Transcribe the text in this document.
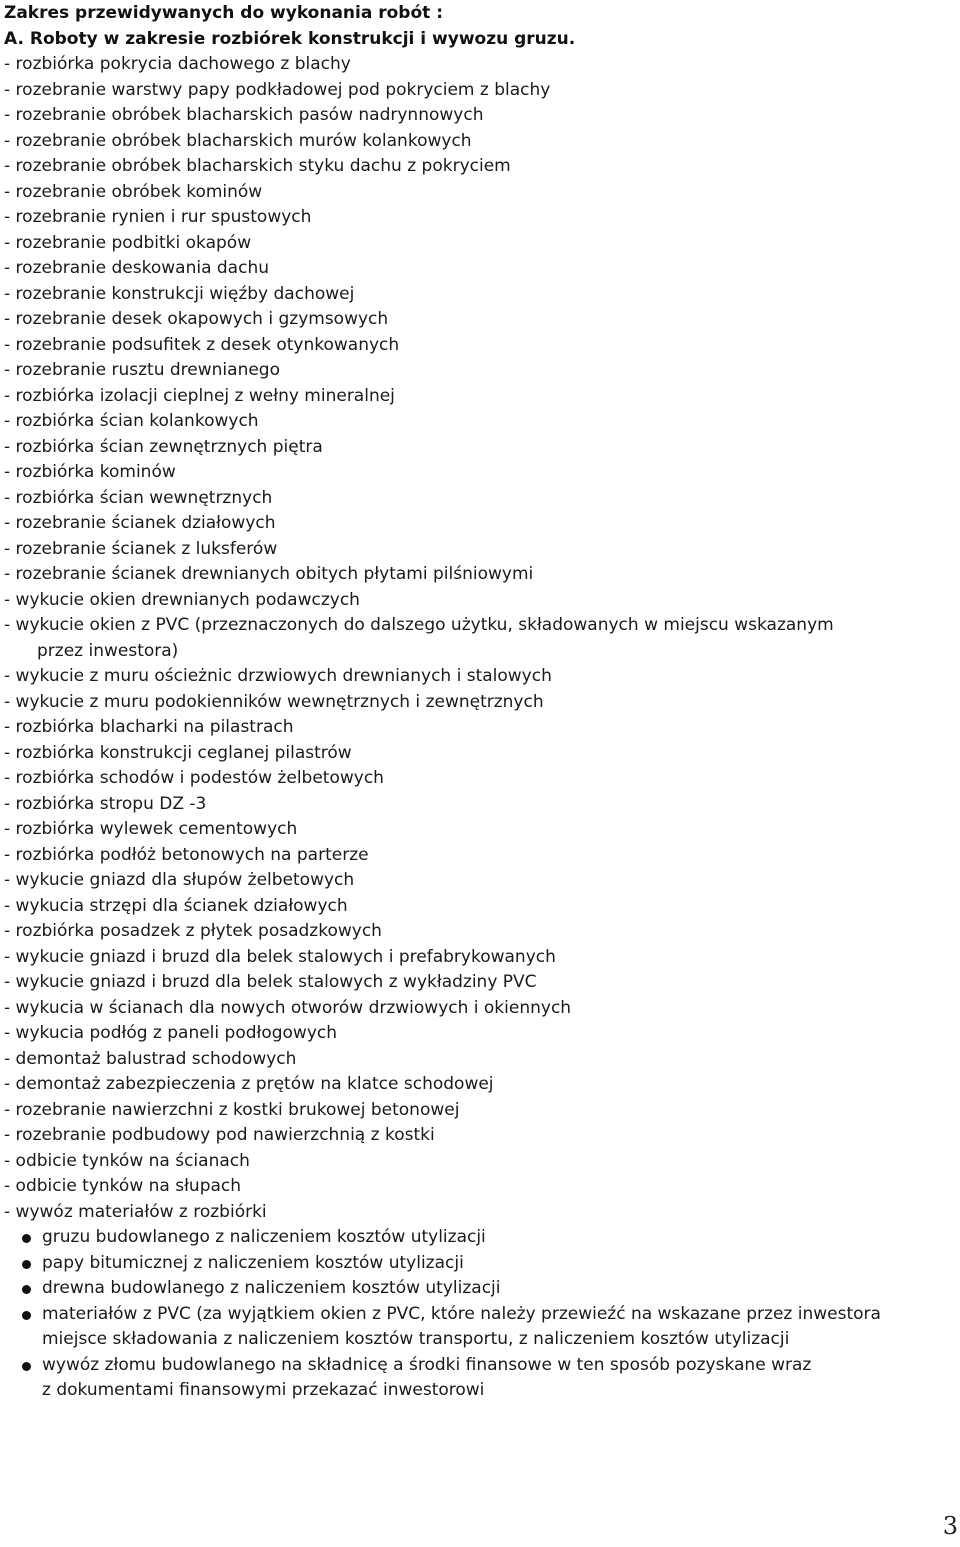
Zakres przewidywanych do wykonania robót :
A. Roboty w zakresie rozbiórek konstrukcji i wywozu gruzu.
- rozbiórka pokrycia dachowego z blachy
- rozebranie warstwy papy podkładowej pod pokryciem z blachy
- rozebranie obróbek blacharskich pasów nadrynnowych
- rozebranie obróbek blacharskich murów kolankowych
- rozebranie obróbek blacharskich styku dachu z pokryciem
- rozebranie obróbek kominów
- rozebranie rynien i rur spustowych
- rozebranie podbitki okapów
- rozebranie deskowania dachu
- rozebranie konstrukcji więźby dachowej
- rozebranie desek okapowych i gzymsowych
- rozebranie podsufitek z desek otynkowanych
- rozebranie rusztu drewnianego
- rozbiórka izolacji cieplnej z wełny mineralnej
- rozbiórka ścian kolankowych
- rozbiórka ścian zewnętrznych piętra
- rozbiórka kominów
- rozbiórka ścian wewnętrznych
- rozebranie ścianek działowych
- rozebranie ścianek z luksferów
- rozebranie ścianek drewnianych obitych płytami pilśniowymi
- wykucie okien drewnianych podawczych
- wykucie okien z PVC (przeznaczonych do dalszego użytku, składowanych w miejscu wskazanym
przez inwestora)
- wykucie z muru ościeżnic drzwiowych drewnianych i stalowych
- wykucie z muru podokienników wewnętrznych i zewnętrznych
- rozbiórka blacharki na pilastrach
- rozbiórka konstrukcji ceglanej pilastrów
- rozbiórka schodów i podestów żelbetowych
- rozbiórka stropu DZ -3
- rozbiórka wylewek cementowych
- rozbiórka podłóż betonowych na parterze
- wykucie gniazd dla słupów żelbetowych
- wykucia strzępi dla ścianek działowych
- rozbiórka posadzek z płytek posadzkowych
- wykucie gniazd i bruzd dla belek stalowych i prefabrykowanych
- wykucie gniazd i bruzd dla belek stalowych z wykładziny PVC
- wykucia w ścianach dla nowych otworów drzwiowych i okiennych
- wykucia podłóg z paneli podłogowych
- demontaż balustrad schodowych
- demontaż zabezpieczenia z prętów na klatce schodowej
- rozebranie nawierzchni z kostki brukowej betonowej
- rozebranie podbudowy pod nawierzchnią z kostki
- odbicie tynków na ścianach
- odbicie tynków na słupach
- wywóz materiałów z rozbiórki
gruzu budowlanego z naliczeniem kosztów utylizacji
papy bitumicznej z naliczeniem kosztów utylizacji
drewna budowlanego z naliczeniem kosztów utylizacji
materiałów z PVC (za wyjątkiem okien z PVC, które należy przewieźć na wskazane przez inwestora
miejsce składowania z naliczeniem kosztów transportu, z naliczeniem kosztów utylizacji
wywóz złomu budowlanego na składnicę a środki finansowe w ten sposób pozyskane wraz
z dokumentami finansowymi przekazać inwestorowi
3
